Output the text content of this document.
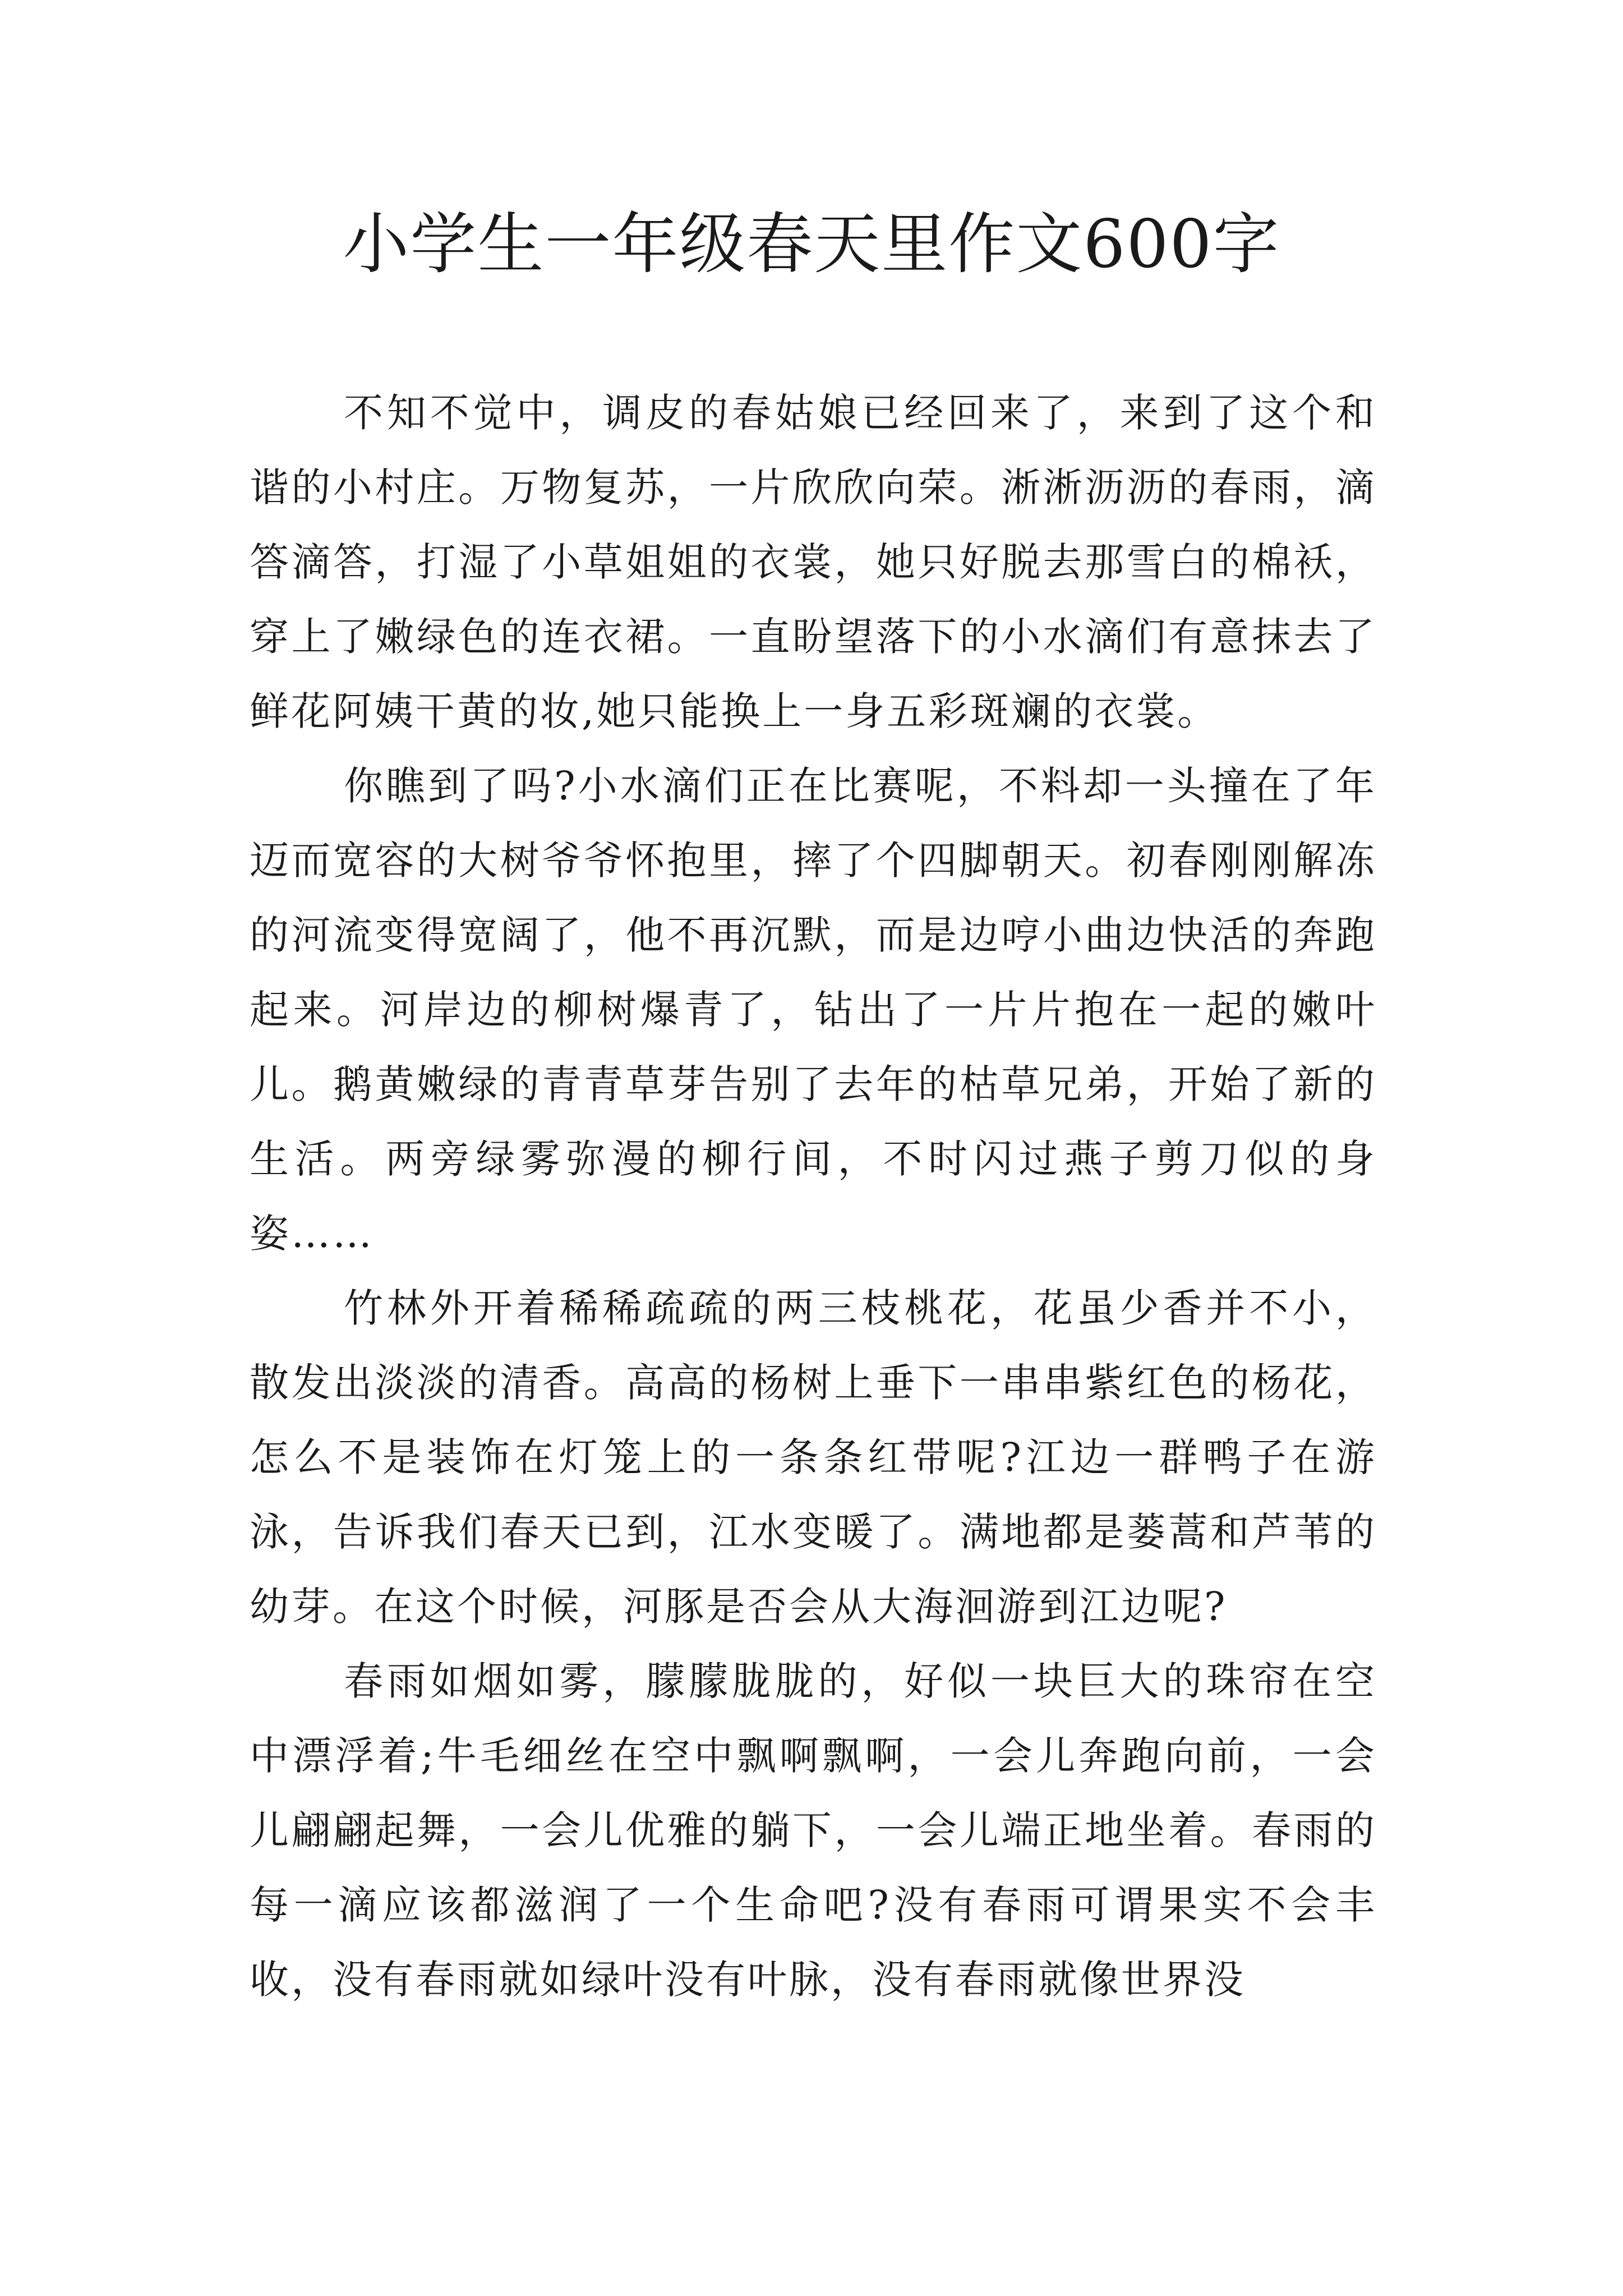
小学生一年级春天里作文600字

不知不觉中，调皮的春姑娘已经回来了，来到了这个和谐的小村庄。万物复苏，一片欣欣向荣。淅淅沥沥的春雨，滴答滴答，打湿了小草姐姐的衣裳，她只好脱去那雪白的棉袄，穿上了嫩绿色的连衣裙。一直盼望落下的小水滴们有意抹去了鲜花阿姨干黄的妆,她只能换上一身五彩斑斓的衣裳。

你瞧到了吗?小水滴们正在比赛呢，不料却一头撞在了年迈而宽容的大树爷爷怀抱里，摔了个四脚朝天。初春刚刚解冻的河流变得宽阔了，他不再沉默，而是边哼小曲边快活的奔跑起来。河岸边的柳树爆青了，钻出了一片片抱在一起的嫩叶儿。鹅黄嫩绿的青青草芽告别了去年的枯草兄弟，开始了新的生活。两旁绿雾弥漫的柳行间，不时闪过燕子剪刀似的身姿……

竹林外开着稀稀疏疏的两三枝桃花，花虽少香并不小，散发出淡淡的清香。高高的杨树上垂下一串串紫红色的杨花，怎么不是装饰在灯笼上的一条条红带呢?江边一群鸭子在游泳，告诉我们春天已到，江水变暖了。满地都是蒌蒿和芦苇的幼芽。在这个时候，河豚是否会从大海洄游到江边呢?

春雨如烟如雾，朦朦胧胧的，好似一块巨大的珠帘在空中漂浮着;牛毛细丝在空中飘啊飘啊，一会儿奔跑向前，一会儿翩翩起舞，一会儿优雅的躺下，一会儿端正地坐着。春雨的每一滴应该都滋润了一个生命吧?没有春雨可谓果实不会丰收，没有春雨就如绿叶没有叶脉，没有春雨就像世界没
